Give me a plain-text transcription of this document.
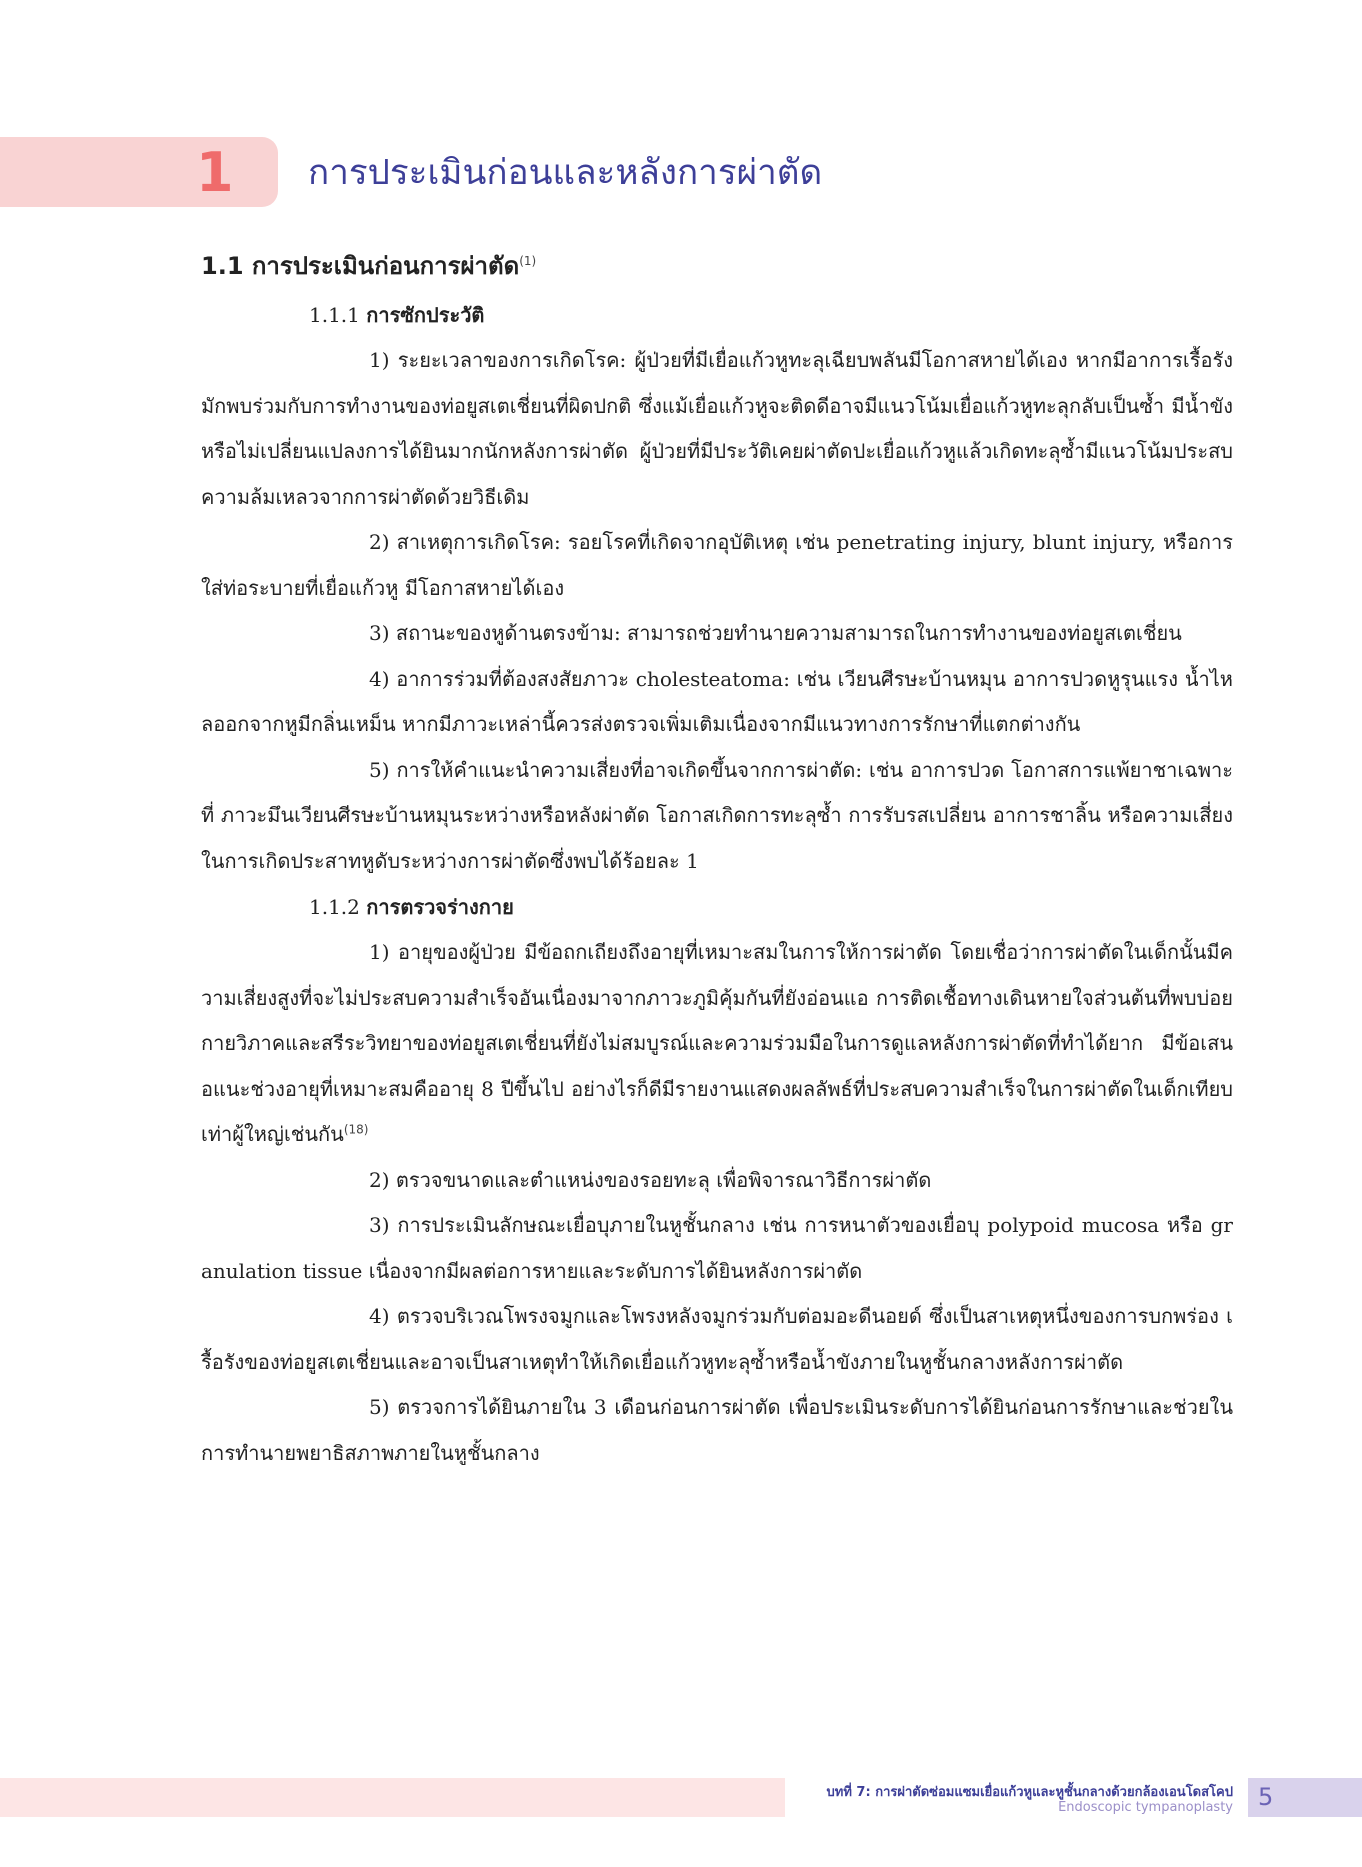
1 การประเมินก่อนและหลังการผ่าตัด
1.1 การประเมินก่อนการผ่าตัด$^{(1)}$
1.1.1 การซักประวัติ

1) ระยะเวลาของการเกิดโรค: ผู้ป่วยที่มีเยื่อแก้วหูทะลุเฉียบพลันมีโอกาสหายได้เอง หากมีอาการเรื้อรังมักพบร่วมกับการทำงานของท่อยูสเตเชี่ยนที่ผิดปกติ ซึ่งแม้เยื่อแก้วหูจะติดดีอาจมีแนวโน้มเยื่อแก้วหูทะลุกลับเป็นซ้ำ มีน้ำขัง หรือไม่เปลี่ยนแปลงการได้ยินมากนักหลังการผ่าตัด ผู้ป่วยที่มีประวัติเคยผ่าตัดปะเยื่อแก้วหูแล้วเกิดทะลุซ้ำมีแนวโน้มประสบความล้มเหลวจากการผ่าตัดด้วยวิธีเดิม

2) สาเหตุการเกิดโรค: รอยโรคที่เกิดจากอุบัติเหตุ เช่น penetrating injury, blunt injury, หรือการใส่ท่อระบายที่เยื่อแก้วหู มีโอกาสหายได้เอง

3) สถานะของหูด้านตรงข้าม: สามารถช่วยทำนายความสามารถในการทำงานของท่อยูสเตเชี่ยน

4) อาการร่วมที่ต้องสงสัยภาวะ cholesteatoma: เช่น เวียนศีรษะบ้านหมุน อาการปวดหูรุนแรง น้ำไหลออกจากหูมีกลิ่นเหม็น หากมีภาวะเหล่านี้ควรส่งตรวจเพิ่มเติมเนื่องจากมีแนวทางการรักษาที่แตกต่างกัน

5) การให้คำแนะนำความเสี่ยงที่อาจเกิดขึ้นจากการผ่าตัด: เช่น อาการปวด โอกาสการแพ้ยาชาเฉพาะที่ ภาวะมึนเวียนศีรษะบ้านหมุนระหว่างหรือหลังผ่าตัด โอกาสเกิดการทะลุซ้ำ การรับรสเปลี่ยน อาการชาลิ้น หรือความเสี่ยงในการเกิดประสาทหูดับระหว่างการผ่าตัดซึ่งพบได้ร้อยละ 1

1.1.2 การตรวจร่างกาย

1) อายุของผู้ป่วย มีข้อถกเถียงถึงอายุที่เหมาะสมในการให้การผ่าตัด โดยเชื่อว่าการผ่าตัดในเด็กนั้นมีความเสี่ยงสูงที่จะไม่ประสบความสำเร็จอันเนื่องมาจากภาวะภูมิคุ้มกันที่ยังอ่อนแอ การติดเชื้อทางเดินหายใจส่วนต้นที่พบบ่อย กายวิภาคและสรีระวิทยาของท่อยูสเตเชี่ยนที่ยังไม่สมบูรณ์และความร่วมมือในการดูแลหลังการผ่าตัดที่ทำได้ยาก มีข้อเสนอแนะช่วงอายุที่เหมาะสมคืออายุ 8 ปีขึ้นไป อย่างไรก็ดีมีรายงานแสดงผลลัพธ์ที่ประสบความสำเร็จในการผ่าตัดในเด็กเทียบเท่าผู้ใหญ่เช่นกัน$^{(18)}$

2) ตรวจขนาดและตำแหน่งของรอยทะลุ เพื่อพิจารณาวิธีการผ่าตัด

3) การประเมินลักษณะเยื่อบุภายในหูชั้นกลาง เช่น การหนาตัวของเยื่อบุ polypoid mucosa หรือ granulation tissue เนื่องจากมีผลต่อการหายและระดับการได้ยินหลังการผ่าตัด

4) ตรวจบริเวณโพรงจมูกและโพรงหลังจมูกร่วมกับต่อมอะดีนอยด์ ซึ่งเป็นสาเหตุหนึ่งของการบกพร่อง เรื้อรังของท่อยูสเตเชี่ยนและอาจเป็นสาเหตุทำให้เกิดเยื่อแก้วหูทะลุซ้ำหรือน้ำขังภายในหูชั้นกลางหลังการผ่าตัด

5) ตรวจการได้ยินภายใน 3 เดือนก่อนการผ่าตัด เพื่อประเมินระดับการได้ยินก่อนการรักษาและช่วยในการทำนายพยาธิสภาพภายในหูชั้นกลาง

บทที่ 7: การผ่าตัดซ่อมแซมเยื่อแก้วหูและหูชั้นกลางด้วยกล้องเอนโดสโคป
Endoscopic tympanoplasty 5
